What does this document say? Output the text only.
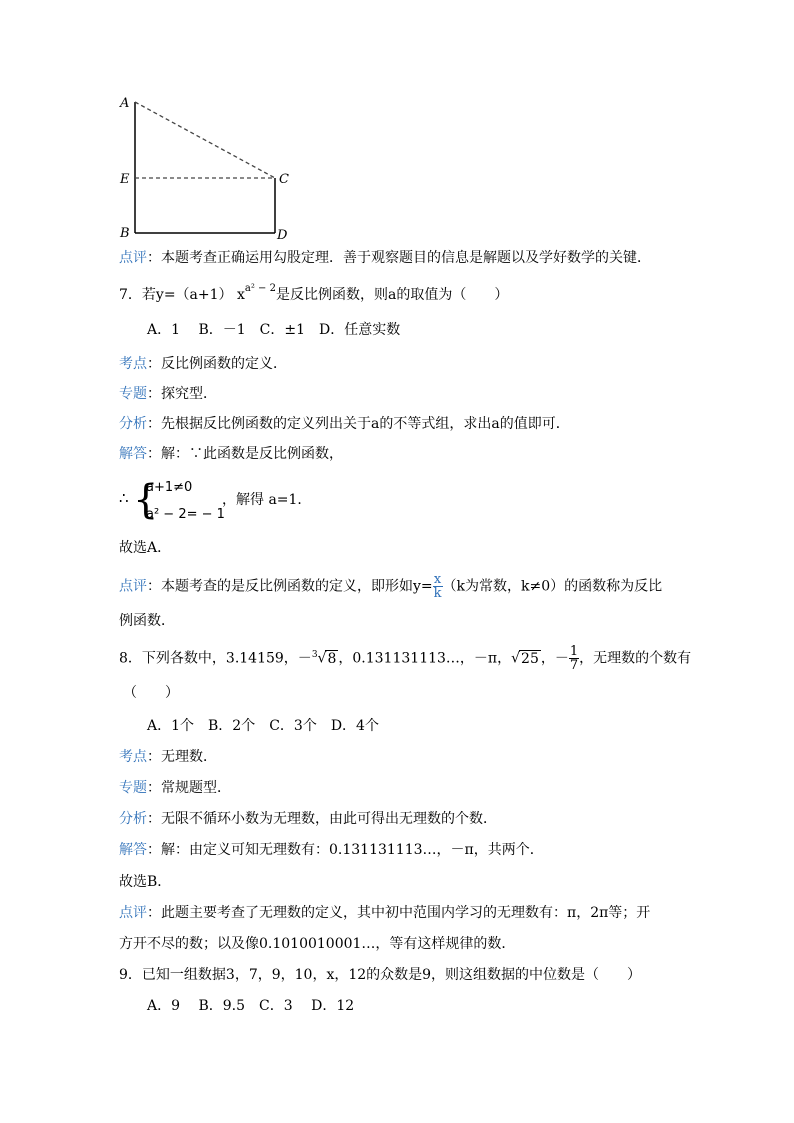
A
E
B
C
D
点评：本题考查正确运用勾股定理．善于观察题目的信息是解题以及学好数学的关键．
7．若y=（a+1） $x^{a^2 - 2}$是反比例函数，则a的取值为（　　）
A．1　 B．－1　C．±1　D．任意实数
考点：反比例函数的定义．
专题：探究型．
分析：先根据反比例函数的定义列出关于a的不等式组，求出a的值即可．
解答：解：∵此函数是反比例函数，
∴ {
a+1≠0
a² − 2= − 1
，解得 a=1．
故选A．
点评：本题考查的是反比例函数的定义，即形如$y= \frac{x}{k} (k$为常数，k≠0）的函数称为反比
例函数．
8．下列各数中，3.14159，－$^3$√8 ，0.131131113…，－π，√25 ，－ $\frac{1}{7}$ ，无理数的个数有
（　　）
A．1个　B．2个　C．3个　D．4个
考点：无理数．
专题：常规题型．
分析：无限不循环小数为无理数，由此可得出无理数的个数．
解答：解：由定义可知无理数有：0.131131113…，－π，共两个．
故选B．
点评：此题主要考查了无理数的定义，其中初中范围内学习的无理数有：π，2π等；开
方开不尽的数；以及像0.1010010001…，等有这样规律的数．
9．已知一组数据3，7，9，10，x，12的众数是9，则这组数据的中位数是（　　）
A．9　 B．9.5　C．3　 D．12
